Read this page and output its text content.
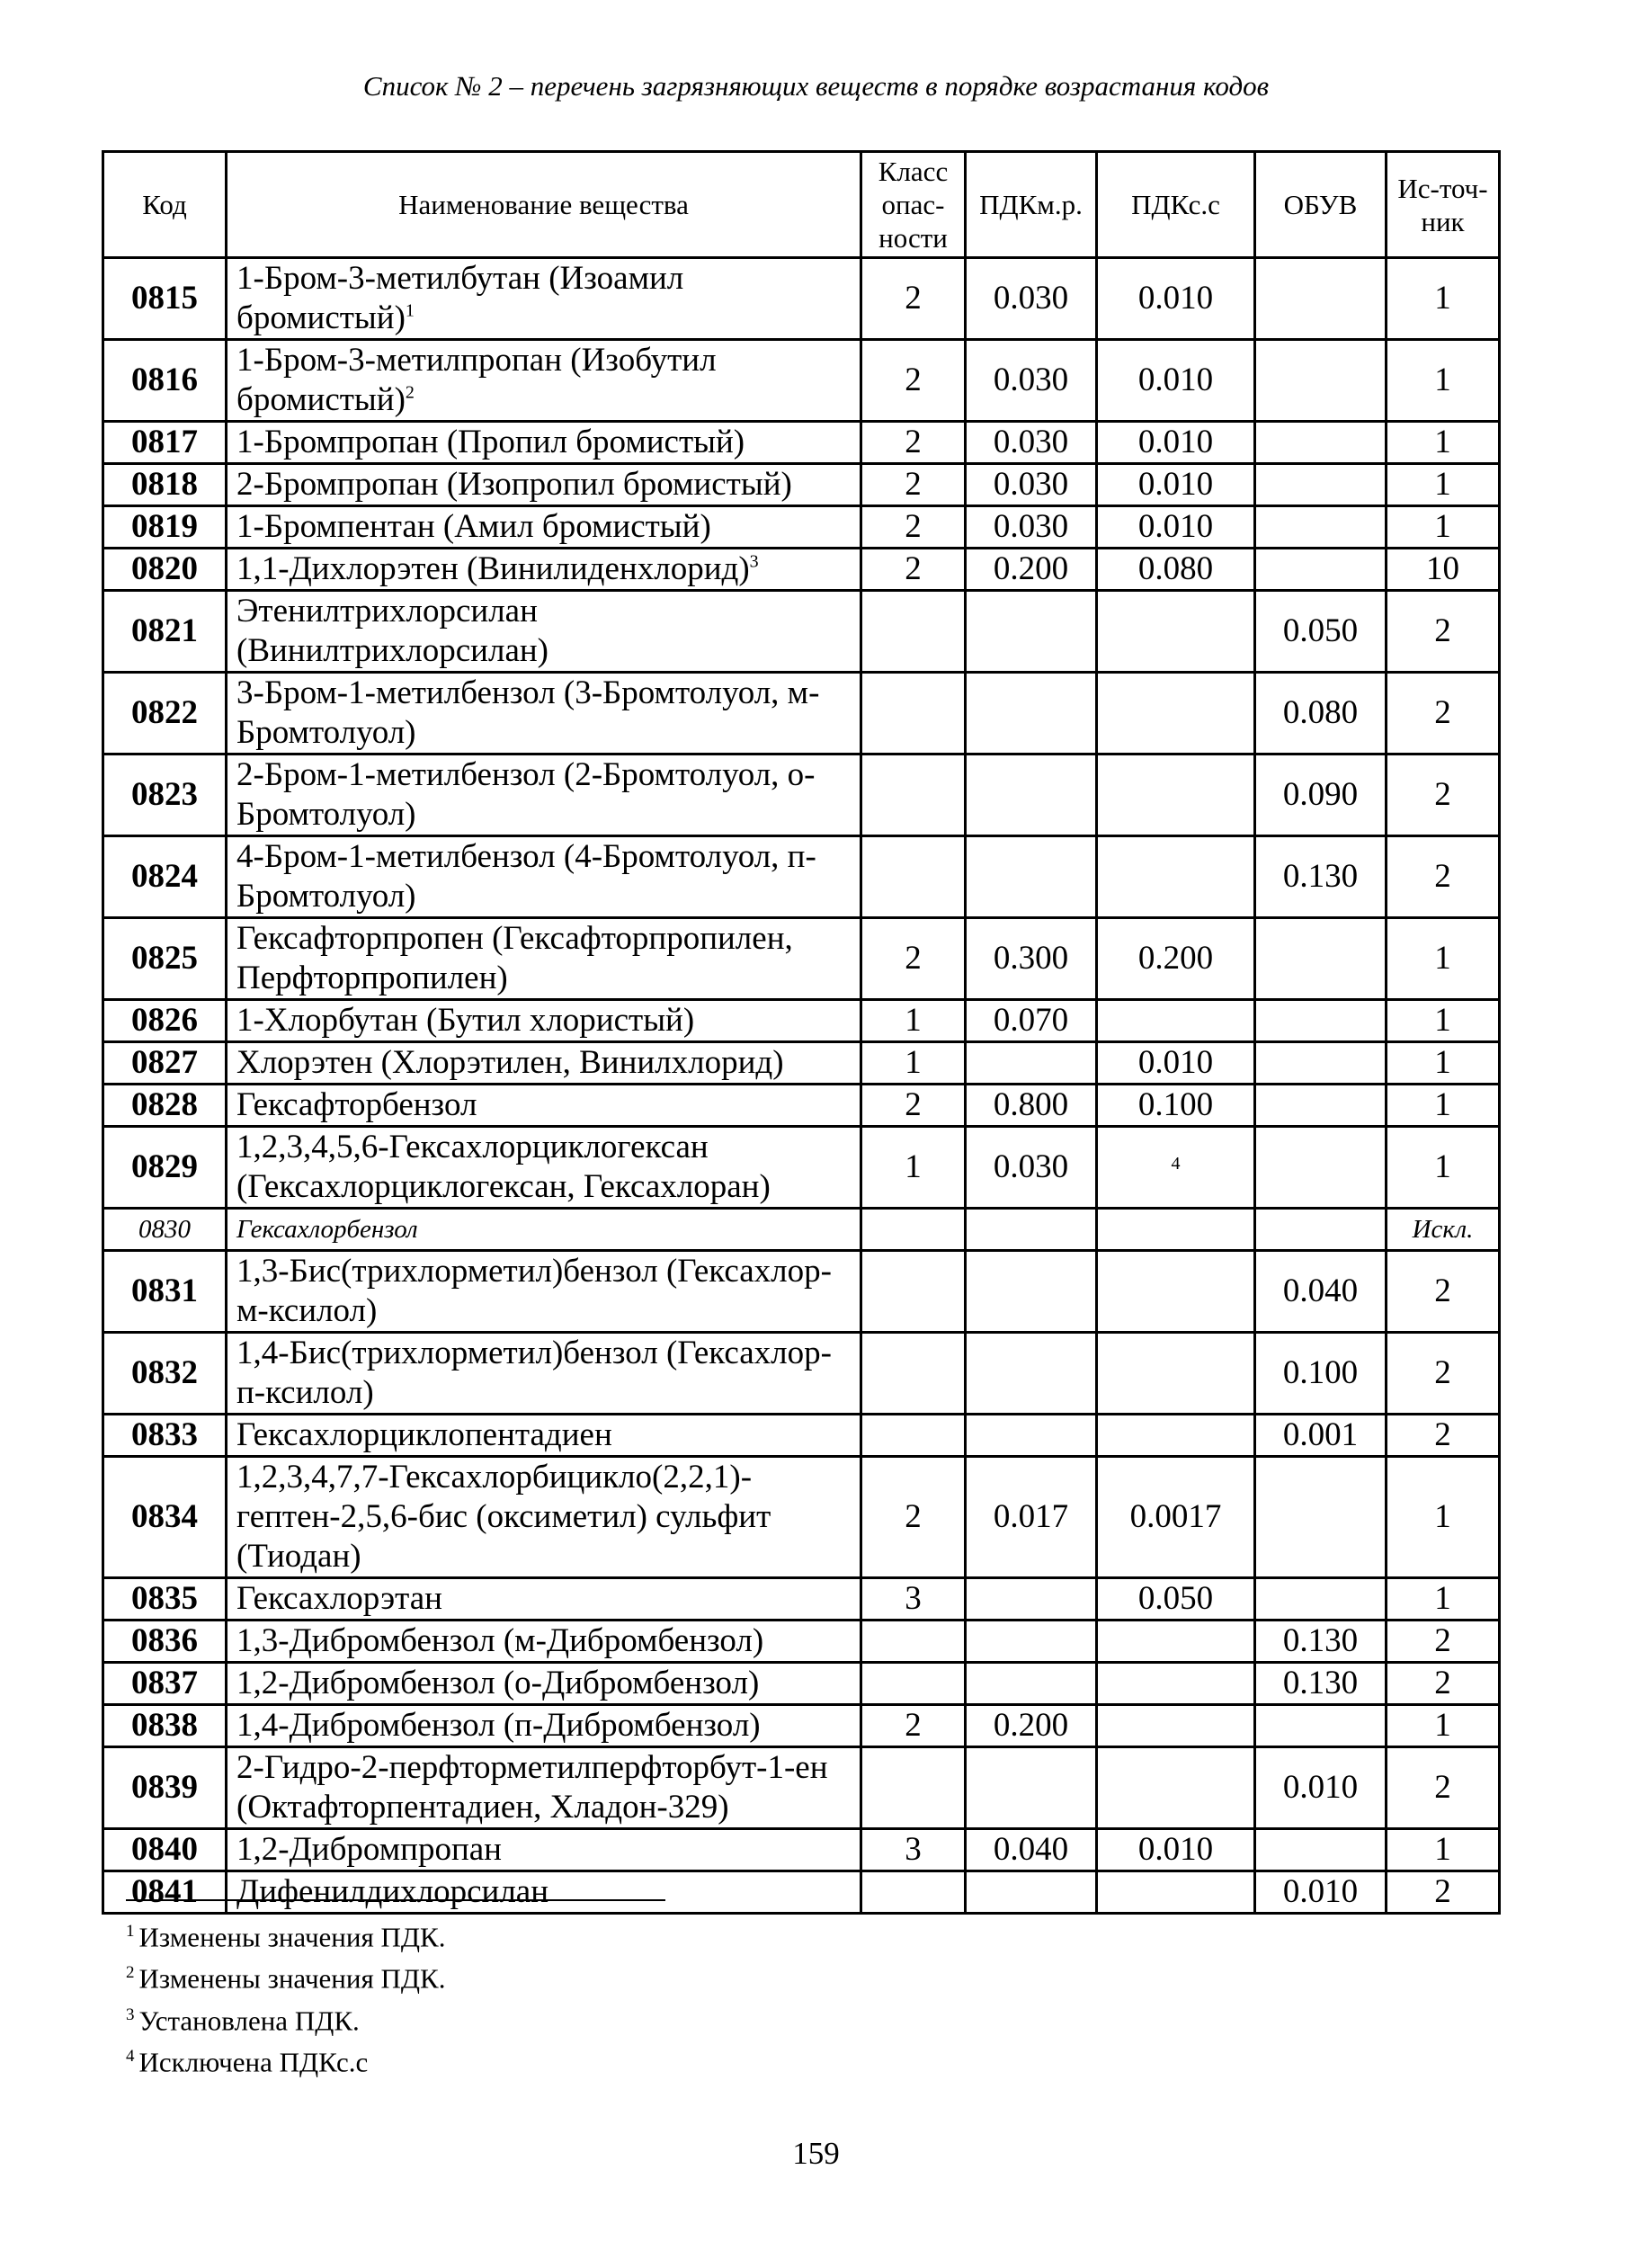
Список № 2 – перечень загрязняющих веществ в порядке возрастания кодов
Код	Наименование вещества	Класс опас-ности	ПДКм.р.	ПДКс.с	ОБУВ	Ис-точ-ник
0815	1-Бром-3-метилбутан (Изоамил бромистый)$^1$	2	0.030	0.010		1
0816	1-Бром-3-метилпропан (Изобутил бромистый)$^2$	2	0.030	0.010		1
0817	1-Бромпропан (Пропил бромистый)	2	0.030	0.010		1
0818	2-Бромпропан (Изопропил бромистый)	2	0.030	0.010		1
0819	1-Бромпентан (Амил бромистый)	2	0.030	0.010		1
0820	1,1-Дихлорэтен (Винилиденхлорид)$^3$	2	0.200	0.080		10
0821	Этенилтрихлорсилан (Винилтрихлорсилан)				0.050	2
0822	3-Бром-1-метилбензол (3-Бромтолуол, м-Бромтолуол)				0.080	2
0823	2-Бром-1-метилбензол (2-Бромтолуол, о-Бромтолуол)				0.090	2
0824	4-Бром-1-метилбензол (4-Бромтолуол, п-Бромтолуол)				0.130	2
0825	Гексафторпропен (Гексафторпропилен, Перфторпропилен)	2	0.300	0.200		1
0826	1-Хлорбутан (Бутил хлористый)	1	0.070			1
0827	Хлорэтен (Хлорэтилен, Винилхлорид)	1		0.010		1
0828	Гексафторбензол	2	0.800	0.100		1
0829	1,2,3,4,5,6-Гексахлорциклогексан (Гексахлорциклогексан, Гексахлоран)	1	0.030	$^4$		1
0830	Гексахлорбензол					Искл.
0831	1,3-Бис(трихлорметил)бензол (Гексахлор-м-ксилол)				0.040	2
0832	1,4-Бис(трихлорметил)бензол (Гексахлор-п-ксилол)				0.100	2
0833	Гексахлорциклопентадиен				0.001	2
0834	1,2,3,4,7,7-Гексахлорбицикло(2,2,1)-гептен-2,5,6-бис (оксиметил) сульфит (Тиодан)	2	0.017	0.0017		1
0835	Гексахлорэтан	3		0.050		1
0836	1,3-Дибромбензол (м-Дибромбензол)				0.130	2
0837	1,2-Дибромбензол (о-Дибромбензол)				0.130	2
0838	1,4-Дибромбензол (п-Дибромбензол)	2	0.200			1
0839	2-Гидро-2-перфторметилперфторбут-1-ен (Октафторпентадиен, Хладон-329)				0.010	2
0840	1,2-Дибромпропан	3	0.040	0.010		1
0841	Дифенилдихлорсилан				0.010	2
$^1$ Изменены значения ПДК.
$^2$ Изменены значения ПДК.
$^3$ Установлена ПДК.
$^4$ Исключена ПДКс.с
159
